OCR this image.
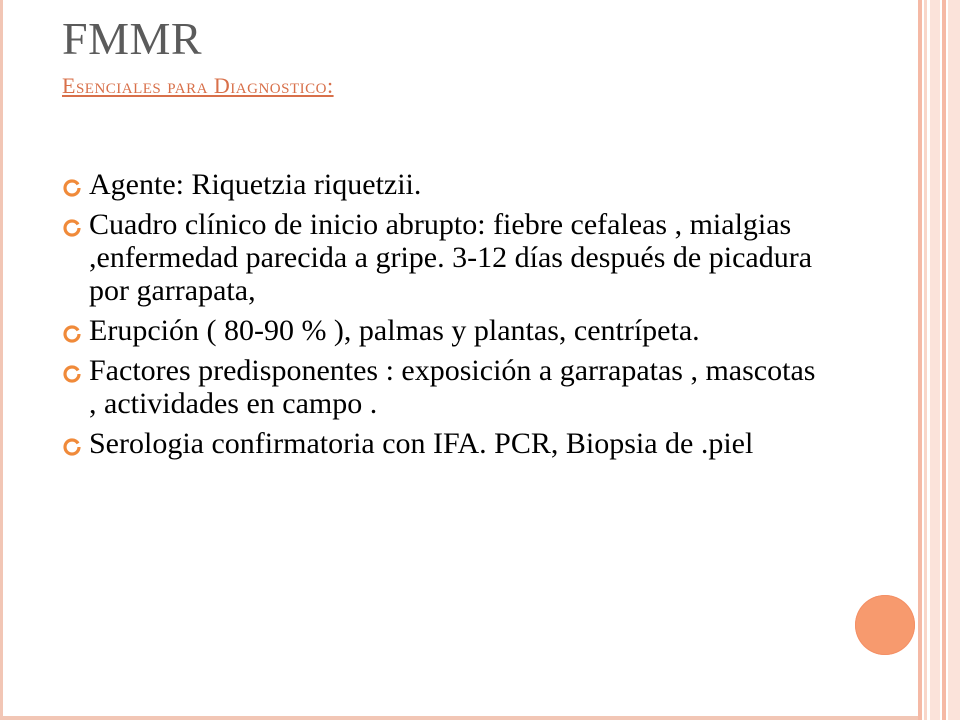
FMMR
Esenciales para Diagnostico:
Agente: Riquetzia riquetzii.
Cuadro clínico de inicio abrupto: fiebre cefaleas , mialgias ,enfermedad parecida a gripe. 3-12 días después de picadura por garrapata,
Erupción ( 80-90 % ), palmas y plantas, centrípeta.
Factores predisponentes : exposición a garrapatas , mascotas , actividades en campo .
Serologia confirmatoria con IFA. PCR, Biopsia de .piel
